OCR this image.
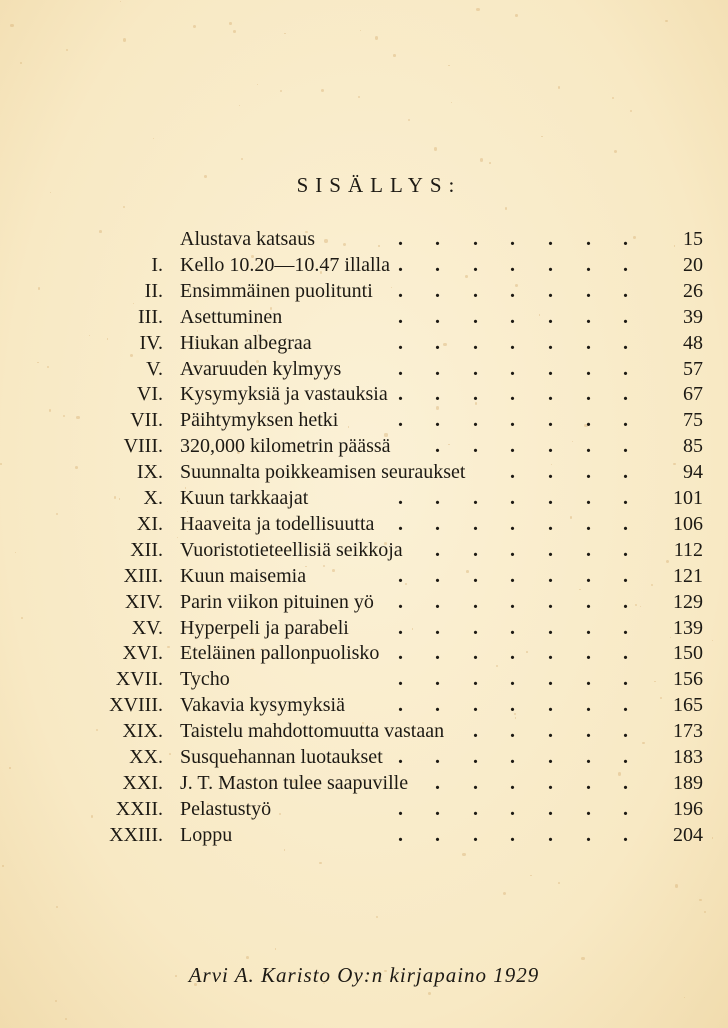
SISÄLLYS:
Alustava katsaus	. . . . . . .	15
I. Kello 10.20—10.47 illalla . . . . . . .	20
II. Ensimmäinen puolitunti . . . . . . .	26
III. Asettuminen	. . . . . . .	39
IV. Hiukan albegraa	. . . . . . .	48
V. Avaruuden kylmyys	. . . . . . .	57
VI. Kysymyksiä ja vastauksia . . . . . . .	67
VII. Päihtymyksen hetki	. . . . . . .	75
VIII. 320,000 kilometrin päässä . . . . . .	85
IX. Suunnalta poikkeamisen seuraukset . . . .	94
X. Kuun tarkkaajat	. . . . . . . 101
XI. Haaveita ja todellisuutta . . . . . . . 106
XII. Vuoristotieteellisiä seikkoja . . . . . . 112
XIII. Kuun maisemia	. . . . . . . 121
XIV. Parin viikon pituinen yö . . . . . . . 129
XV. Hyperpeli ja parabeli . . . . . . . 139
XVI. Eteläinen pallonpuolisko . . . . . . . 150
XVII. Tycho	. . . . . . . 156
XVIII. Vakavia kysymyksiä	. . . . . . . 165
XIX. Taistelu mahdottomuutta vastaan . . . . . 173
XX. Susquehannan luotaukset . . . . . . . 183
XXI. J. T. Maston tulee saapuville . . . . . . 189
XXII. Pelastustyö	. . . . . . . 196
XXIII. Loppu	. . . . . . . 204
Arvi A. Karisto Oy:n kirjapaino 1929
